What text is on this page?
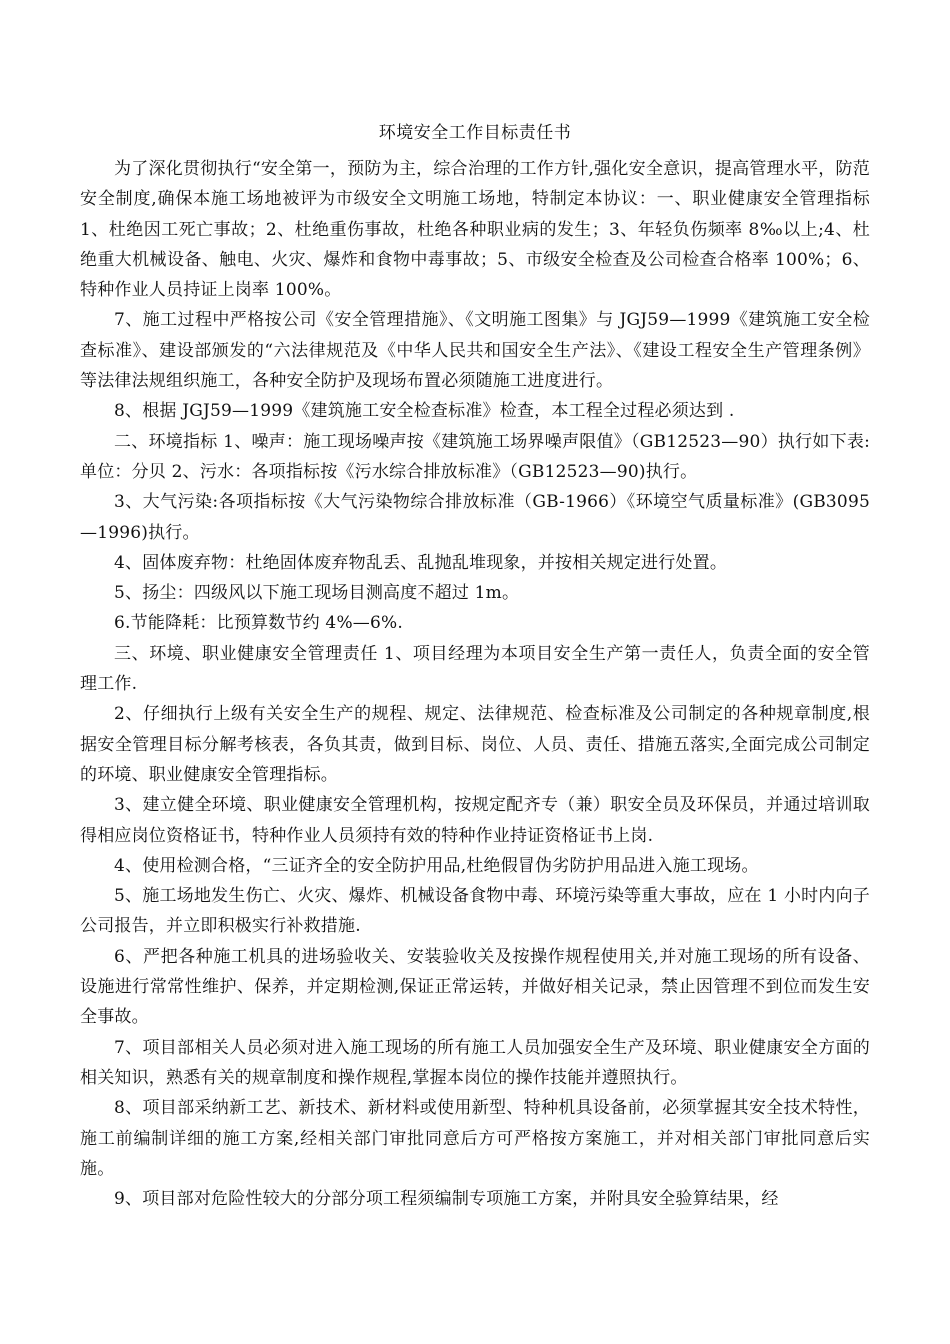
环境安全工作目标责任书

为了深化贯彻执行“安全第一，预防为主，综合治理的工作方针,强化安全意识，提高管理水平，防范安全制度,确保本施工场地被评为市级安全文明施工场地，特制定本协议：一、职业健康安全管理指标 1、杜绝因工死亡事故；2、杜绝重伤事故，杜绝各种职业病的发生；3、年轻负伤频率 8‰以上;4、杜绝重大机械设备、触电、火灾、爆炸和食物中毒事故；5、市级安全检查及公司检查合格率 100%；6、特种作业人员持证上岗率 100%。

7、施工过程中严格按公司《安全管理措施》、《文明施工图集》与 JGJ59—1999《建筑施工安全检查标准》、建设部颁发的“六法律规范及《中华人民共和国安全生产法》、《建设工程安全生产管理条例》等法律法规组织施工，各种安全防护及现场布置必须随施工进度进行。

8、根据 JGJ59—1999《建筑施工安全检查标准》检查，本工程全过程必须达到 .

二、环境指标 1、噪声：施工现场噪声按《建筑施工场界噪声限值》（GB12523—90）执行如下表:单位：分贝 2、污水：各项指标按《污水综合排放标准》（GB12523—90)执行。

3、大气污染:各项指标按《大气污染物综合排放标准（GB-1966）《环境空气质量标准》(GB3095—1996)执行。

4、固体废弃物：杜绝固体废弃物乱丢、乱抛乱堆现象，并按相关规定进行处置。

5、扬尘：四级风以下施工现场目测高度不超过 1m。

6.节能降耗：比预算数节约 4%—6%.

三、环境、职业健康安全管理责任 1、项目经理为本项目安全生产第一责任人，负责全面的安全管理工作.

2、仔细执行上级有关安全生产的规程、规定、法律规范、检查标准及公司制定的各种规章制度,根据安全管理目标分解考核表，各负其责，做到目标、岗位、人员、责任、措施五落实,全面完成公司制定的环境、职业健康安全管理指标。

3、建立健全环境、职业健康安全管理机构，按规定配齐专（兼）职安全员及环保员，并通过培训取得相应岗位资格证书，特种作业人员须持有效的特种作业持证资格证书上岗.

4、使用检测合格，“三证齐全的安全防护用品,杜绝假冒伪劣防护用品进入施工现场。

5、施工场地发生伤亡、火灾、爆炸、机械设备食物中毒、环境污染等重大事故，应在 1 小时内向子公司报告，并立即积极实行补救措施.

6、严把各种施工机具的进场验收关、安装验收关及按操作规程使用关,并对施工现场的所有设备、设施进行常常性维护、保养，并定期检测,保证正常运转，并做好相关记录，禁止因管理不到位而发生安全事故。

7、项目部相关人员必须对进入施工现场的所有施工人员加强安全生产及环境、职业健康安全方面的相关知识，熟悉有关的规章制度和操作规程,掌握本岗位的操作技能并遵照执行。

8、项目部采纳新工艺、新技术、新材料或使用新型、特种机具设备前，必须掌握其安全技术特性，施工前编制详细的施工方案,经相关部门审批同意后方可严格按方案施工，并对相关部门审批同意后实施。

9、项目部对危险性较大的分部分项工程须编制专项施工方案，并附具安全验算结果，经
